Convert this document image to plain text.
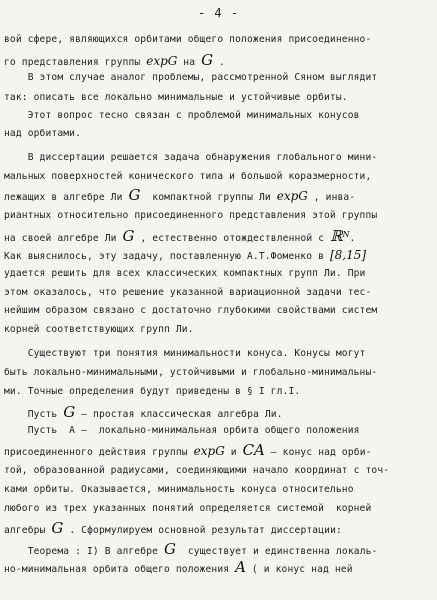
- 4 -
вой сфере, являющихся орбитами общего положения присоединенно-
го представления группы expG на G .
В этом случае аналог проблемы, рассмотренной Сяном выглядит
так: описать все локально минимальные и устойчивые орбиты.
Этот вопрос тесно связан с проблемой минимальных конусов
над орбитами.
В диссертации решается задача обнаружения глобального мини-
мальных поверхностей конического типа и большой коразмерности,
лежащих в алгебре Ли G  компактной группы Ли expG , инва-
риантных относительно присоединенного представления этой группы
на своей алгебре Ли G , естественно отождествленной с ℝ$^N$.
Как выяснилось, эту задачу, поставленную А.Т.Фоменко в [8,15]
удается решить для всех классических компактных групп Ли. При
этом оказалось, что решение указанной вариационной задачи тес-
нейшим образом связано с достаточно глубокими свойствами систем
корней соответствующих групп Ли.
Существуют три понятия минимальности конуса. Конусы могут
быть локально-минимальными, устойчивыми и глобально-минимальны-
ми. Точные определения будут приведены в § I гл.I.
Пусть G – простая классическая алгебра Ли.
Пусть  А –  локально-минимальная орбита общего положения
присоединенного действия группы expG и CA – конус над орби-
той, образованной радиусами, соединяющими начало координат с точ-
ками орбиты. Оказывается, минимальность конуса относительно
любого из трех указанных понятий определяется системой  корней
алгебры G . Сформулируем основной результат диссертации:
Теорема : I) В алгебре G  существует и единственна локаль-
но-минимальная орбита общего положения A ( и конус над ней
